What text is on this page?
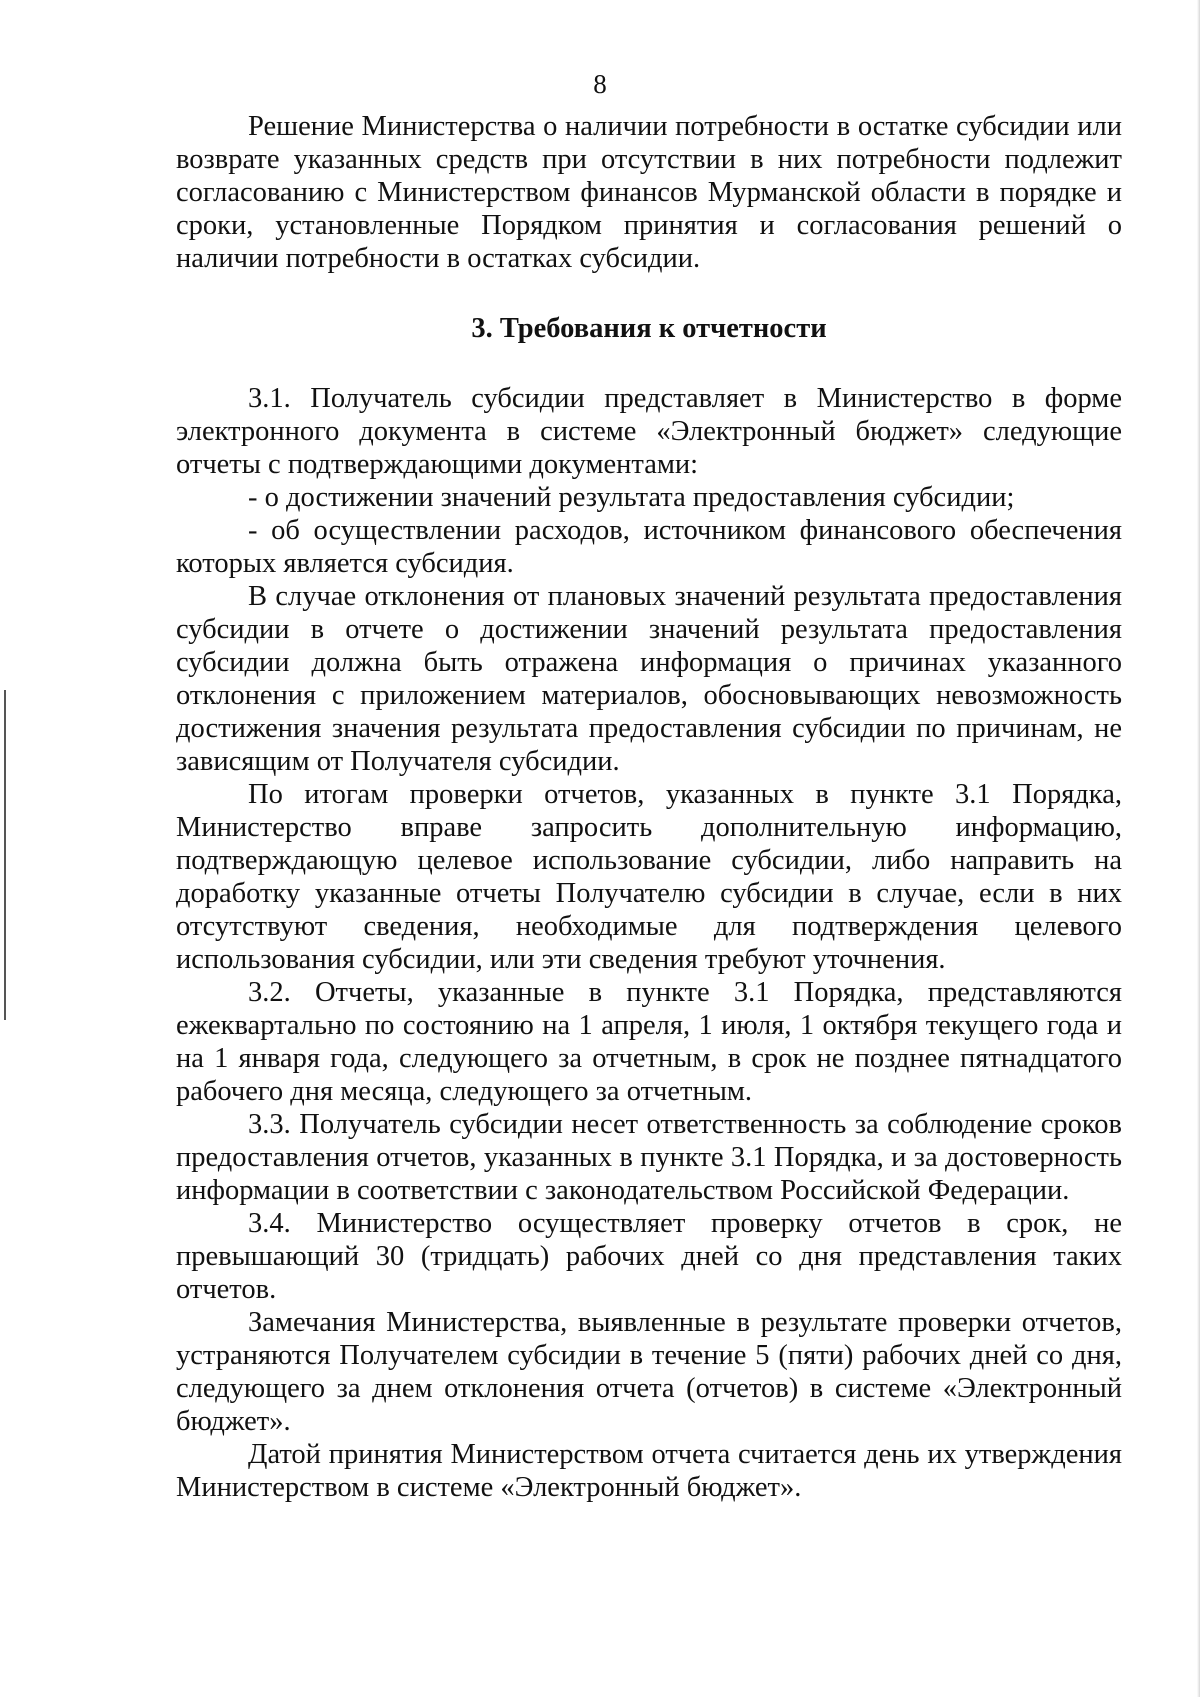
8

Решение Министерства о наличии потребности в остатке субсидии или возврате указанных средств при отсутствии в них потребности подлежит согласованию с Министерством финансов Мурманской области в порядке и сроки, установленные Порядком принятия и согласования решений о наличии потребности в остатках субсидии.

3. Требования к отчетности

3.1. Получатель субсидии представляет в Министерство в форме электронного документа в системе «Электронный бюджет» следующие отчеты с подтверждающими документами:

- о достижении значений результата предоставления субсидии;

- об осуществлении расходов, источником финансового обеспечения которых является субсидия.

В случае отклонения от плановых значений результата предоставления субсидии в отчете о достижении значений результата предоставления субсидии должна быть отражена информация о причинах указанного отклонения с приложением материалов, обосновывающих невозможность достижения значения результата предоставления субсидии по причинам, не зависящим от Получателя субсидии.

По итогам проверки отчетов, указанных в пункте 3.1 Порядка, Министерство вправе запросить дополнительную информацию, подтверждающую целевое использование субсидии, либо направить на доработку указанные отчеты Получателю субсидии в случае, если в них отсутствуют сведения, необходимые для подтверждения целевого использования субсидии, или эти сведения требуют уточнения.

3.2. Отчеты, указанные в пункте 3.1 Порядка, представляются ежеквартально по состоянию на 1 апреля, 1 июля, 1 октября текущего года и на 1 января года, следующего за отчетным, в срок не позднее пятнадцатого рабочего дня месяца, следующего за отчетным.

3.3. Получатель субсидии несет ответственность за соблюдение сроков предоставления отчетов, указанных в пункте 3.1 Порядка, и за достоверность информации в соответствии с законодательством Российской Федерации.

3.4. Министерство осуществляет проверку отчетов в срок, не превышающий 30 (тридцать) рабочих дней со дня представления таких отчетов.

Замечания Министерства, выявленные в результате проверки отчетов, устраняются Получателем субсидии в течение 5 (пяти) рабочих дней со дня, следующего за днем отклонения отчета (отчетов) в системе «Электронный бюджет».

Датой принятия Министерством отчета считается день их утверждения Министерством в системе «Электронный бюджет».
